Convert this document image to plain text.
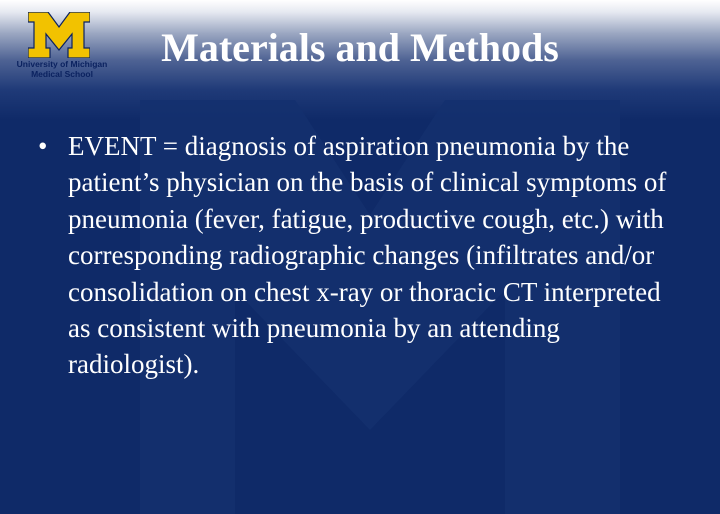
University of Michigan
Medical School
Materials and Methods
• EVENT = diagnosis of aspiration pneumonia by the patient’s physician on the basis of clinical symptoms of pneumonia (fever, fatigue, productive cough, etc.) with corresponding radiographic changes (infiltrates and/or consolidation on chest x-ray or thoracic CT interpreted as consistent with pneumonia by an attending radiologist).
